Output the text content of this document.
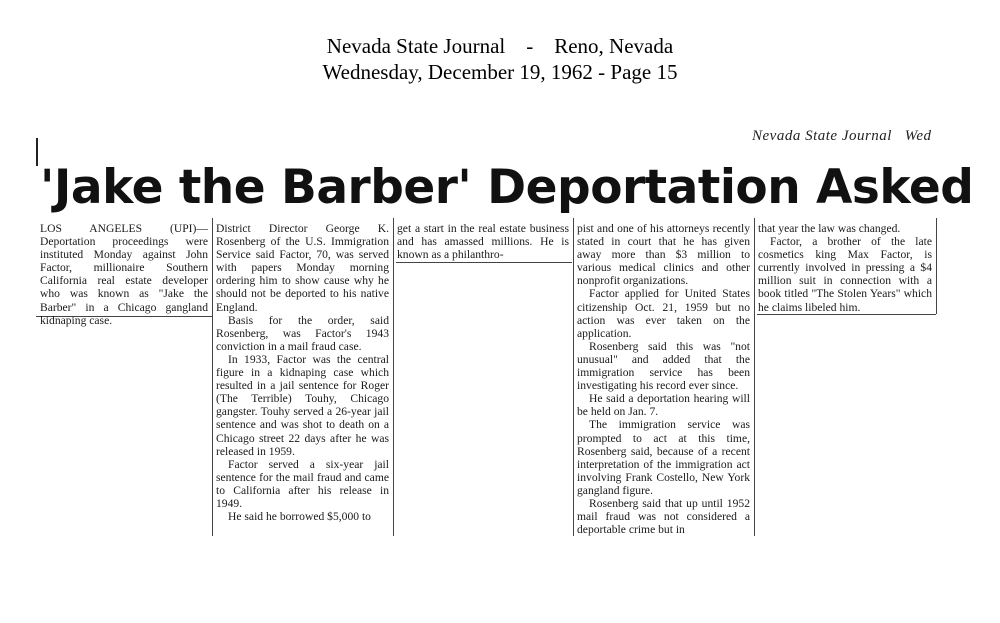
Nevada State Journal    -    Reno, Nevada
Wednesday, December 19, 1962 - Page 15
Nevada State Journal   Wed
'Jake the Barber' Deportation Asked

LOS ANGELES (UPI)—Deportation proceedings were instituted Monday against John Factor, millionaire Southern California real estate developer who was known as "Jake the Barber" in a Chicago gangland kidnaping case.

District Director George K. Rosenberg of the U.S. Immigration Service said Factor, 70, was served with papers Monday morning ordering him to show cause why he should not be deported to his native England.

Basis for the order, said Rosenberg, was Factor's 1943 conviction in a mail fraud case.

In 1933, Factor was the central figure in a kidnaping case which resulted in a jail sentence for Roger (The Terrible) Touhy, Chicago gangster. Touhy served a 26-year jail sentence and was shot to death on a Chicago street 22 days after he was released in 1959.

Factor served a six-year jail sentence for the mail fraud and came to California after his release in 1949.

He said he borrowed $5,000 to

get a start in the real estate business and has amassed millions. He is known as a philanthro-

pist and one of his attorneys recently stated in court that he has given away more than $3 million to various medical clinics and other nonprofit organizations.

Factor applied for United States citizenship Oct. 21, 1959 but no action was ever taken on the application.

Rosenberg said this was "not unusual" and added that the immigration service has been investigating his record ever since.

He said a deportation hearing will be held on Jan. 7.

The immigration service was prompted to act at this time, Rosenberg said, because of a recent interpretation of the immigration act involving Frank Costello, New York gangland figure.

Rosenberg said that up until 1952 mail fraud was not considered a deportable crime but in

that year the law was changed.

Factor, a brother of the late cosmetics king Max Factor, is currently involved in pressing a $4 million suit in connection with a book titled "The Stolen Years" which he claims libeled him.
